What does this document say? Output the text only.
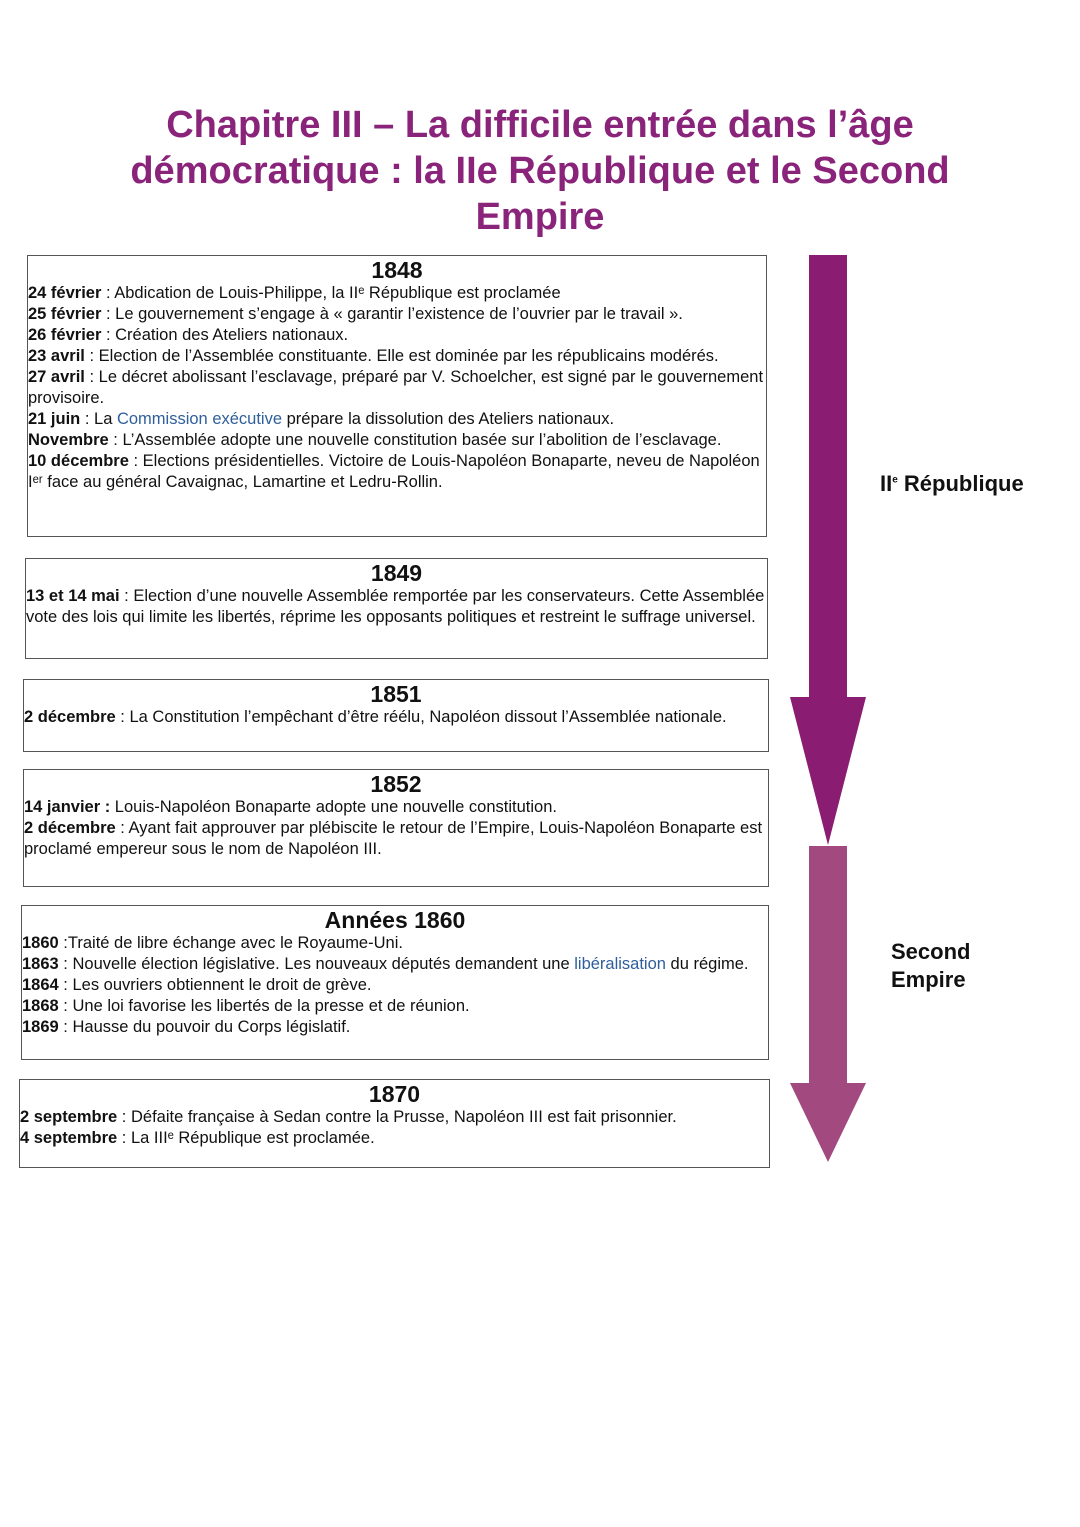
Chapitre III – La difficile entrée dans l’âge démocratique : la IIe République et le Second Empire
1848
24 février : Abdication de Louis-Philippe, la IIᵉ République est proclamée
25 février : Le gouvernement s’engage à « garantir l’existence de l’ouvrier par le travail ».
26 février : Création des Ateliers nationaux.
23 avril : Election de l’Assemblée constituante. Elle est dominée par les républicains modérés.
27 avril : Le décret abolissant l’esclavage, préparé par V. Schoelcher, est signé par le gouvernement provisoire.
21 juin : La Commission exécutive prépare la dissolution des Ateliers nationaux.
Novembre : L’Assemblée adopte une nouvelle constitution basée sur l’abolition de l’esclavage.
10 décembre : Elections présidentielles. Victoire de Louis-Napoléon Bonaparte, neveu de Napoléon Iᵉʳ face au général Cavaignac, Lamartine et Ledru-Rollin.
1849
13 et 14 mai : Election d’une nouvelle Assemblée remportée par les conservateurs. Cette Assemblée vote des lois qui limite les libertés, réprime les opposants politiques et restreint le suffrage universel.
1851
2 décembre : La Constitution l’empêchant d’être réélu, Napoléon dissout l’Assemblée nationale.
1852
14 janvier : Louis-Napoléon Bonaparte adopte une nouvelle constitution.
2 décembre : Ayant fait approuver par plébiscite le retour de l’Empire, Louis-Napoléon Bonaparte est proclamé empereur sous le nom de Napoléon III.
Années 1860
1860 :Traité de libre échange avec le Royaume-Uni.
1863 : Nouvelle élection législative. Les nouveaux députés demandent une libéralisation du régime.
1864 : Les ouvriers obtiennent le droit de grève.
1868 : Une loi favorise les libertés de la presse et de réunion.
1869 : Hausse du pouvoir du Corps législatif.
1870
2 septembre : Défaite française à Sedan contre la Prusse, Napoléon III est fait prisonnier.
4 septembre : La IIIᵉ République est proclamée.
IIe République
Second
Empire
